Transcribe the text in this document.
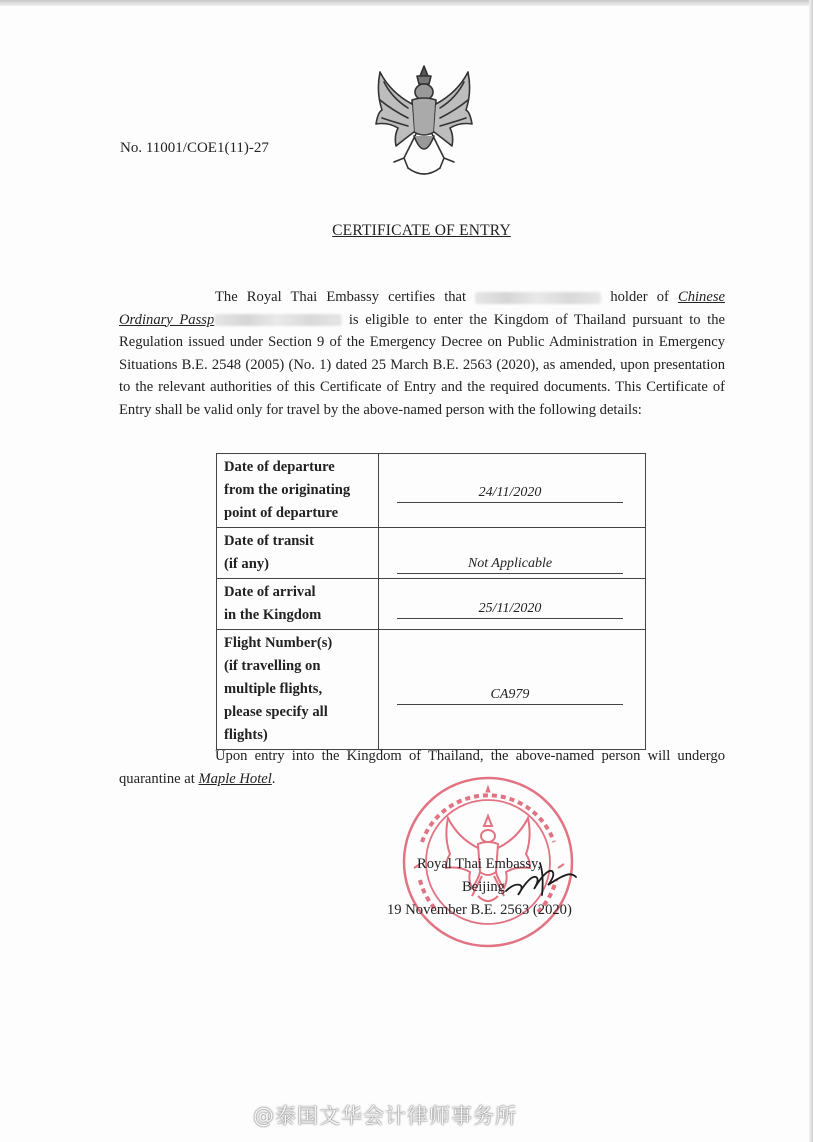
No. 11001/COE1(11)-27
CERTIFICATE OF ENTRY

The Royal Thai Embassy certifies that	holder of Chinese Ordinary Passp	is eligible to enter the Kingdom of Thailand pursuant to the Regulation issued under Section 9 of the Emergency Decree on Public Administration in Emergency Situations B.E. 2548 (2005) (No. 1) dated 25 March B.E. 2563 (2020), as amended, upon presentation to the relevant authorities of this Certificate of Entry and the required documents. This Certificate of Entry shall be valid only for travel by the above-named person with the following details:

Date of departure
from the originating
point of departure	24/11/2020

Date of transit
(if any)	Not Applicable

Date of arrival
in the Kingdom	25/11/2020

Flight Number(s)
(if travelling on
multiple flights,
please specify all
flights)	CA979
Upon entry into the Kingdom of Thailand, the above-named person will undergo quarantine at Maple Hotel.
Royal Thai Embassy,
Beijing
19 November B.E. 2563 (2020)
@泰国文华会计律师事务所
